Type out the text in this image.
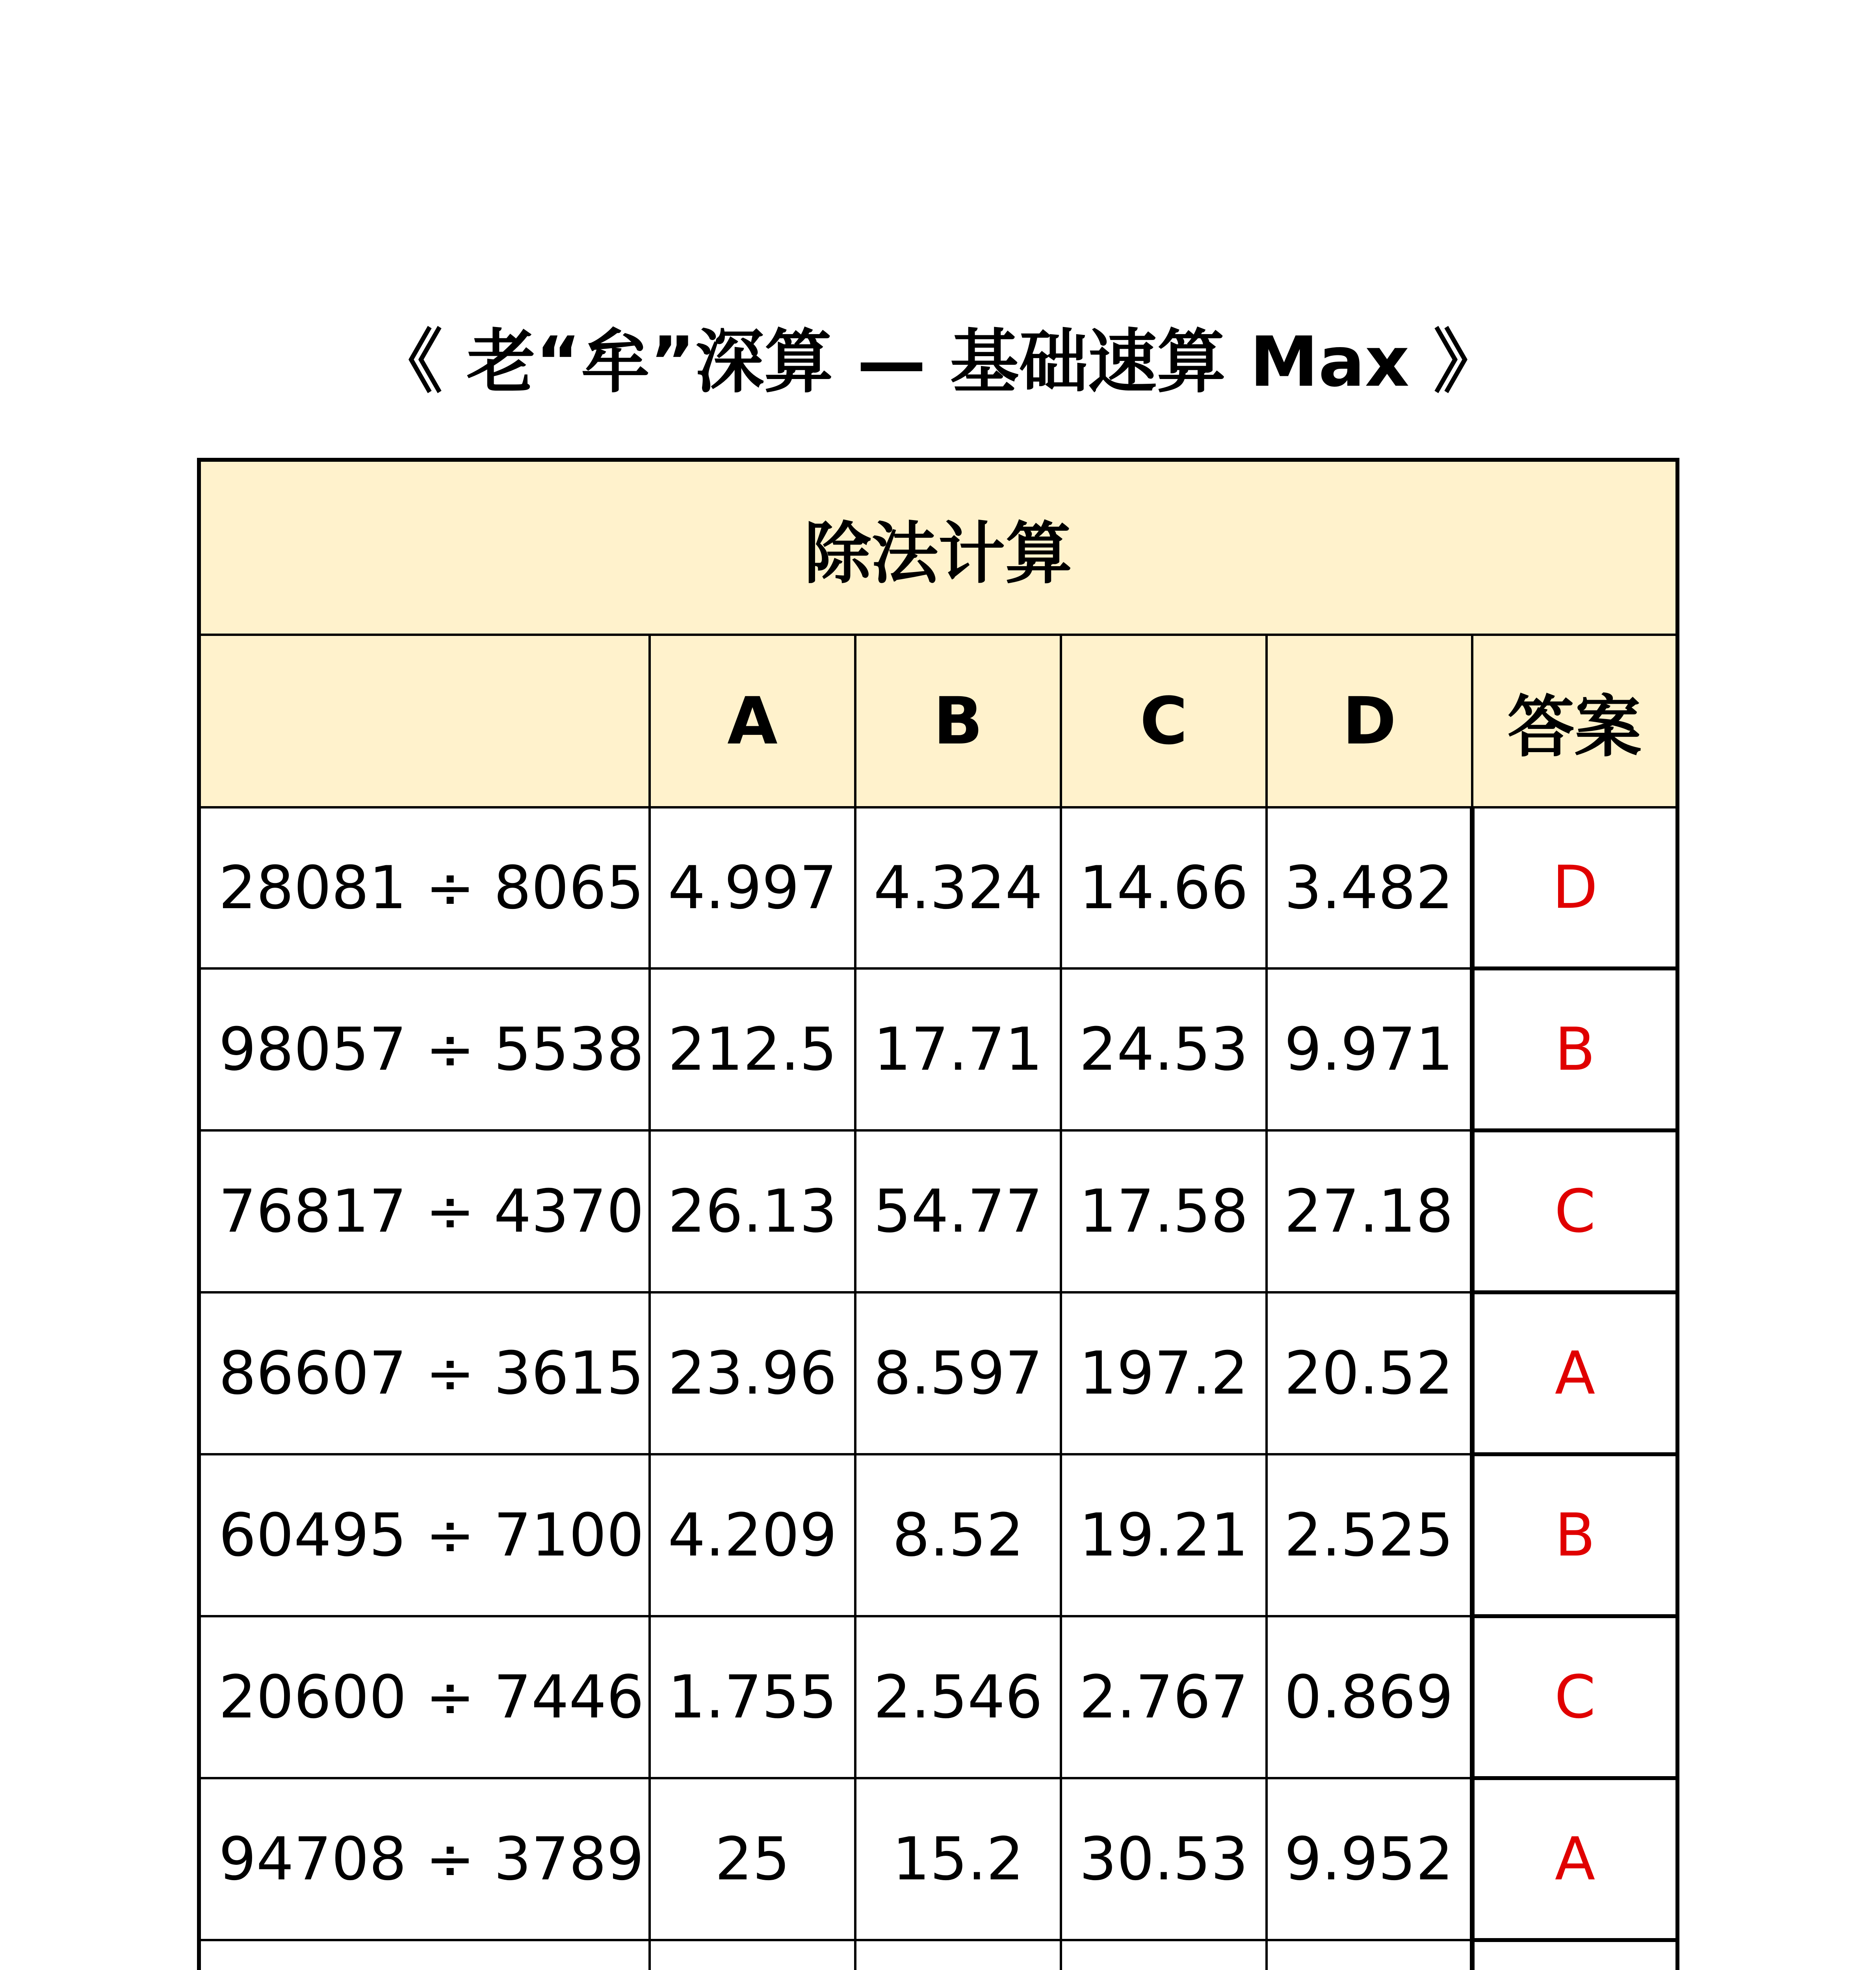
《 老“牟”深算 — 基础速算 Max 》
除法计算					
	A	B	C	D	答案
28081 ÷ 8065	4.997	4.324	14.66	3.482	D
98057 ÷ 5538	212.5	17.71	24.53	9.971	B
76817 ÷ 4370	26.13	54.77	17.58	27.18	C
86607 ÷ 3615	23.96	8.597	197.2	20.52	A
60495 ÷ 7100	4.209	8.52	19.21	2.525	B
20600 ÷ 7446	1.755	2.546	2.767	0.869	C
94708 ÷ 3789	25	15.2	30.53	9.952	A
